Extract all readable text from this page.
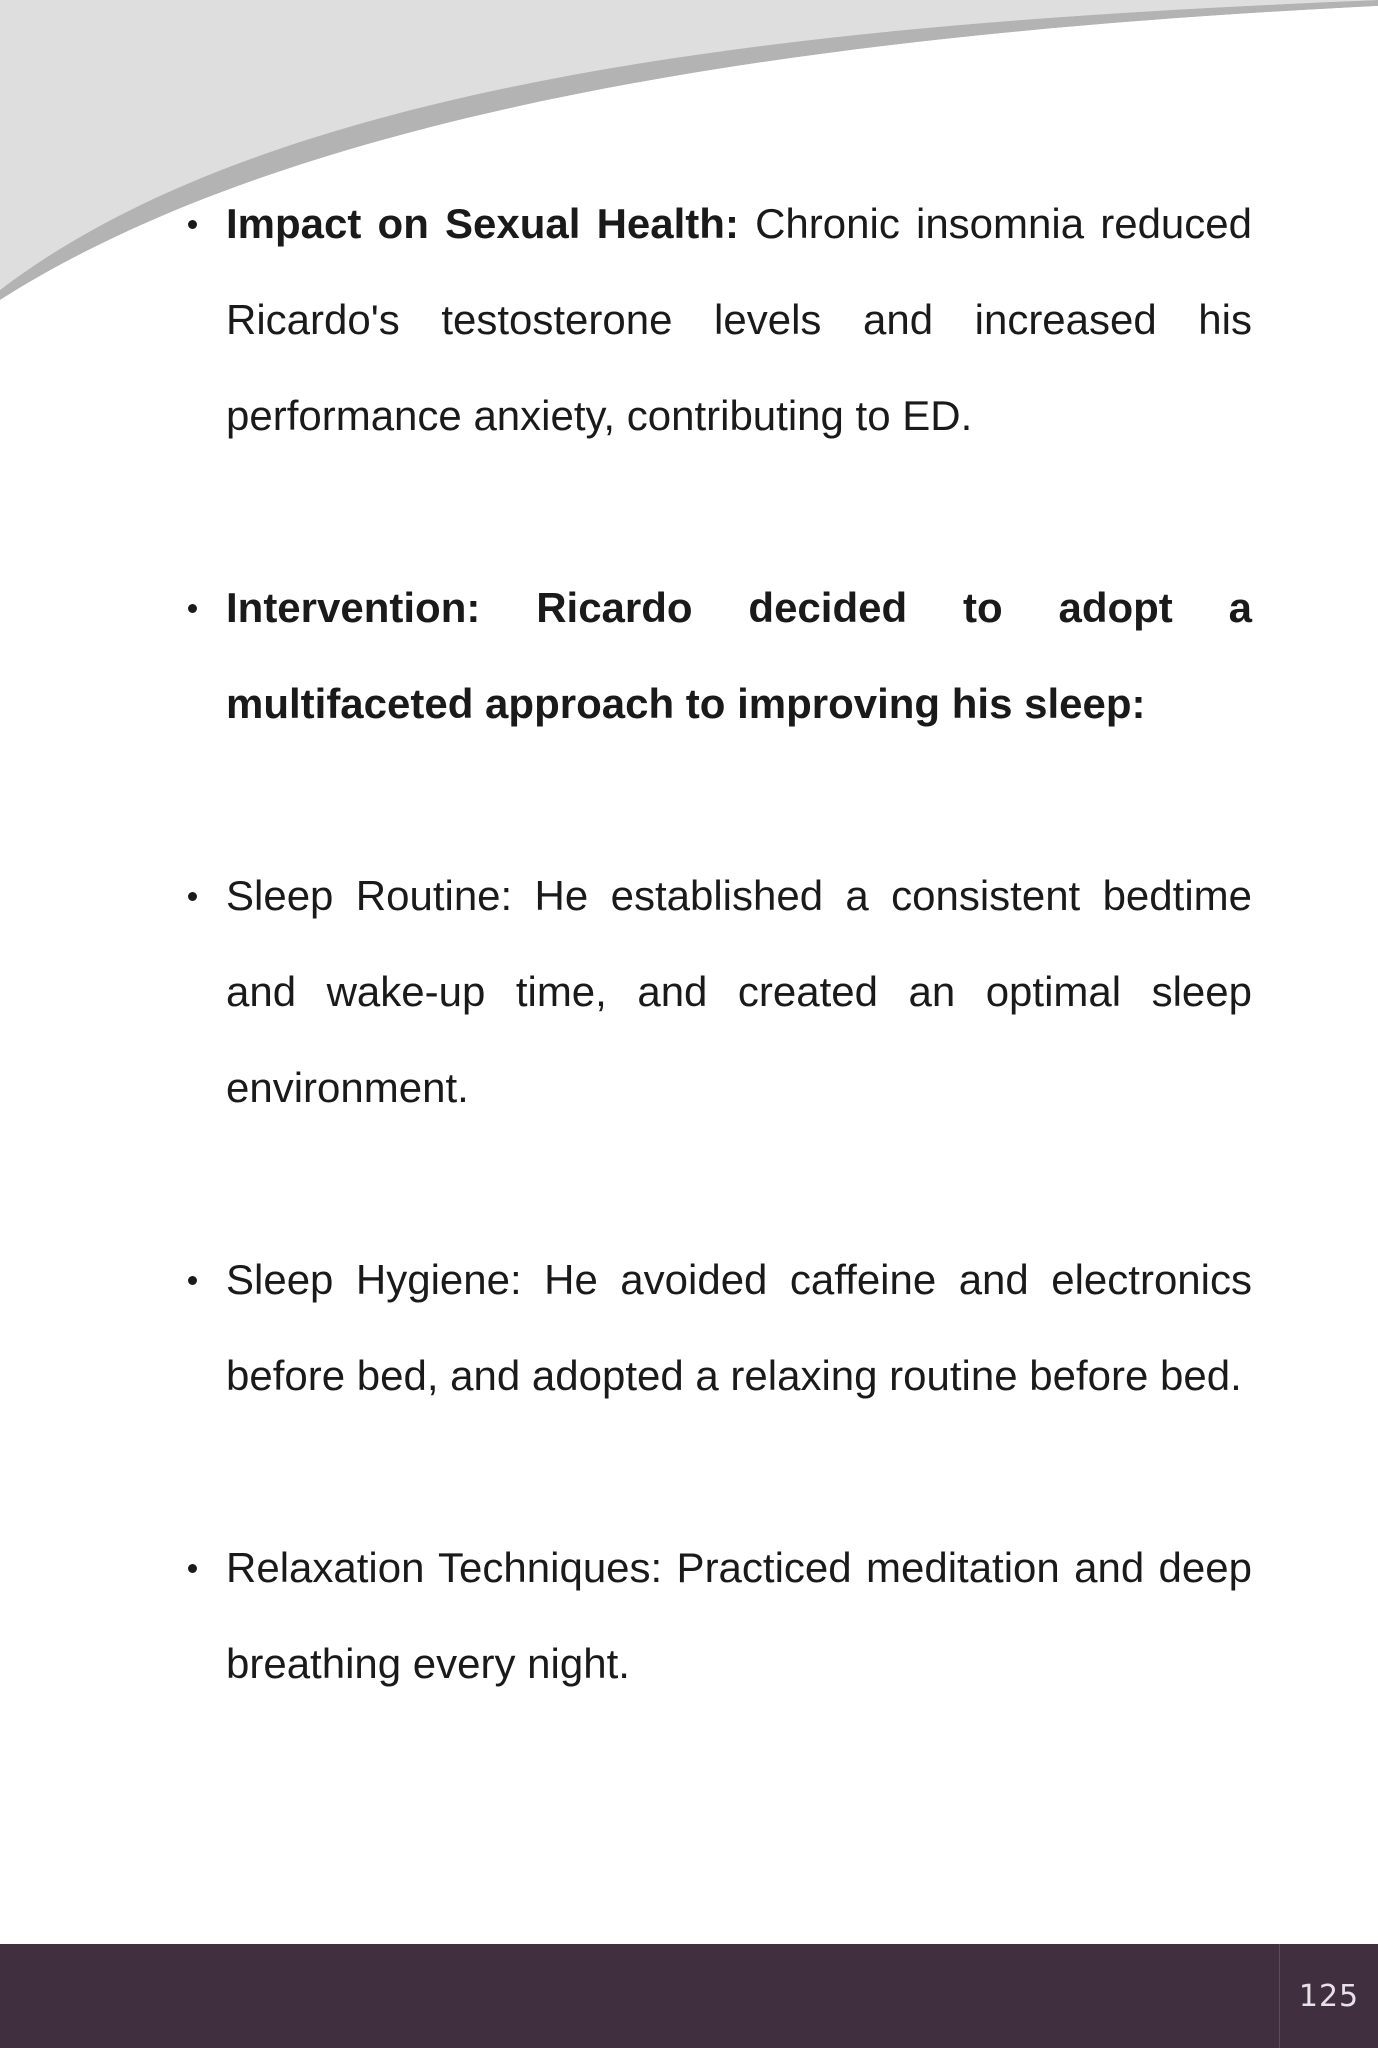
Impact on Sexual Health: Chronic insomnia reduced Ricardo's testosterone levels and increased his performance anxiety, contributing to ED.
Intervention: Ricardo decided to adopt a multifaceted approach to improving his sleep:
Sleep Routine: He established a consistent bedtime and wake-up time, and created an optimal sleep environment.
Sleep Hygiene: He avoided caffeine and electronics before bed, and adopted a relaxing routine before bed.
Relaxation Techniques: Practiced meditation and deep breathing every night.
125
